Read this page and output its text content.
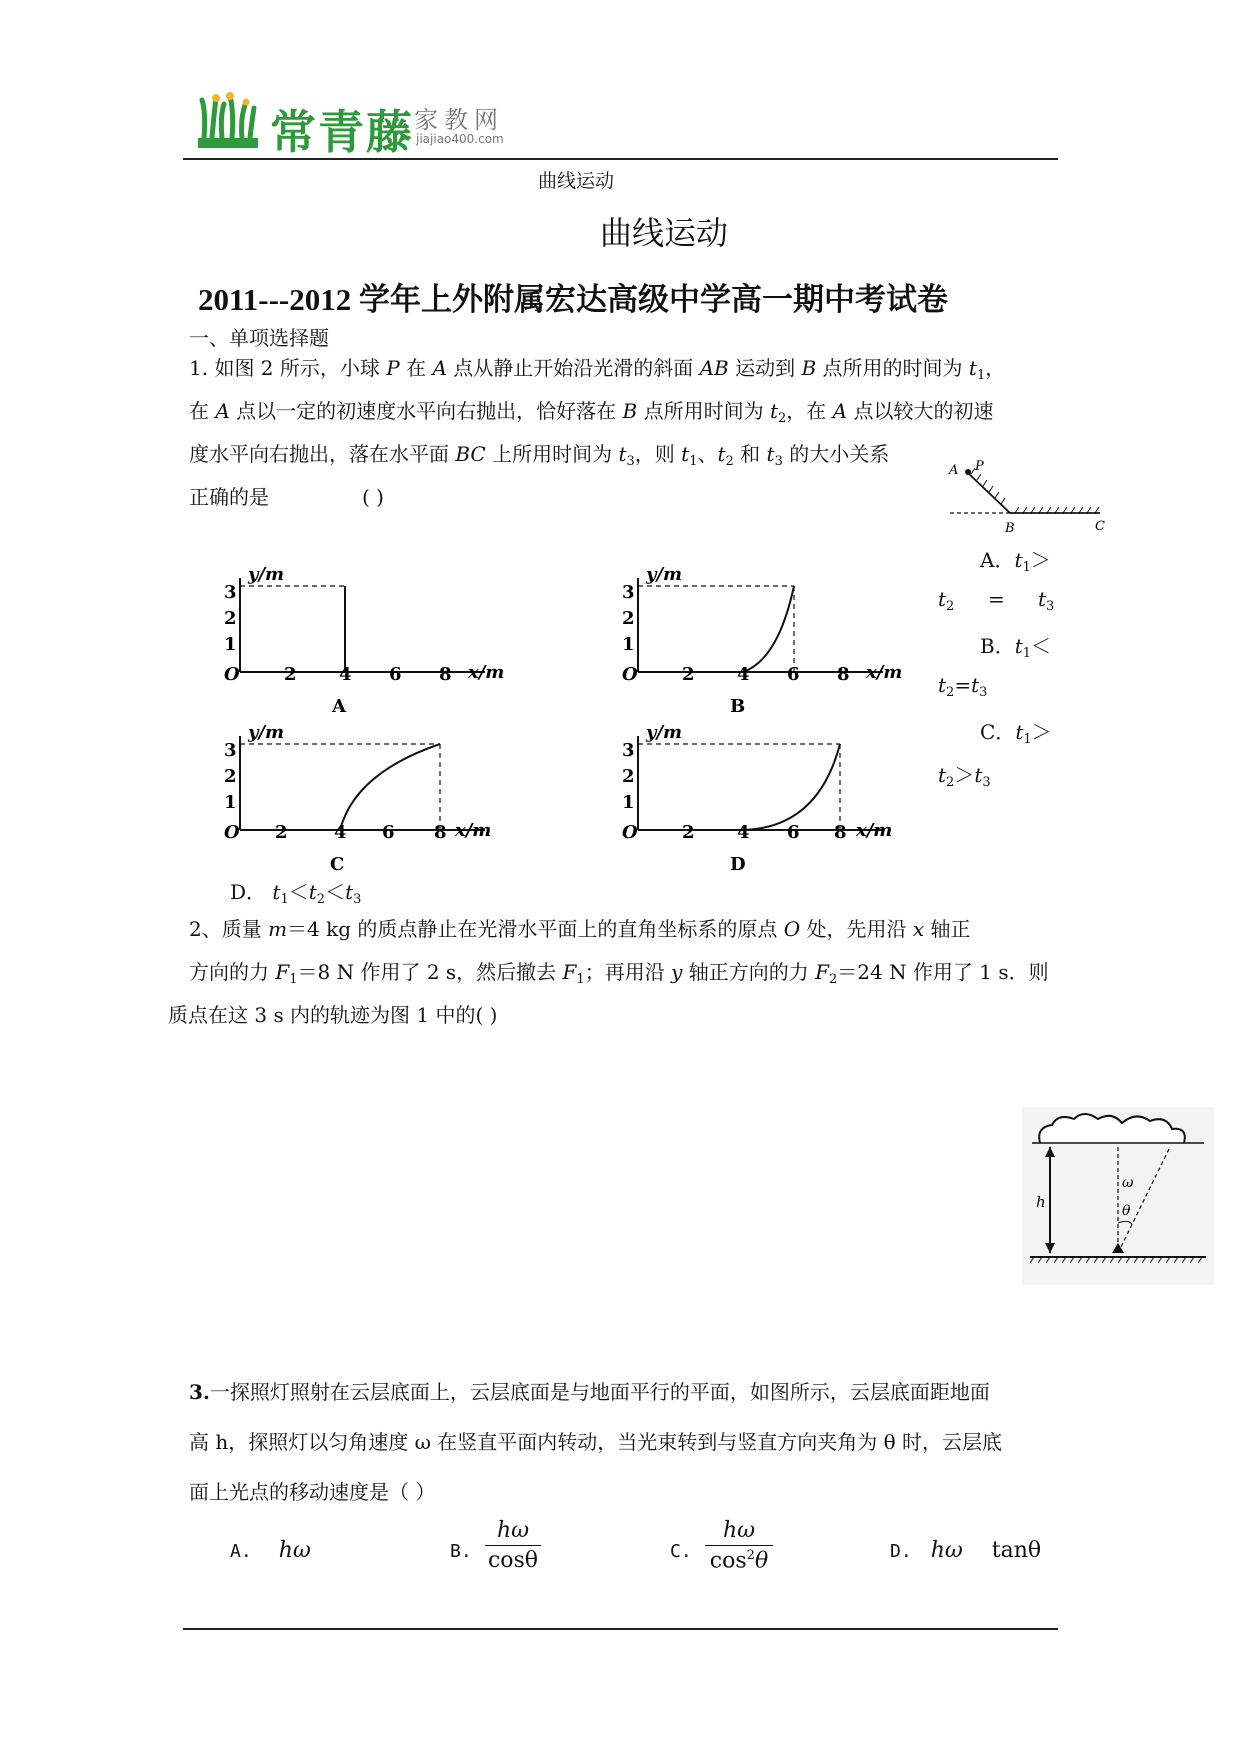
常青藤 家教网
jiajiao400.com
曲线运动
曲线运动
2011---2012 学年上外附属宏达高级中学高一期中考试卷
一、单项选择题
1. 如图 2 所示，小球 P 在 A 点从静止开始沿光滑的斜面 AB 运动到 B 点所用的时间为 $t_1$，
在 A 点以一定的初速度水平向右抛出，恰好落在 B 点所用时间为 $t_2$，在 A 点以较大的初速
度水平向右抛出，落在水平面 BC 上所用时间为 $t_3$，则 $t_1$、$t_2$ 和 $t_3$ 的大小关系
正确的是	( )
A P
B	C
A．$t_1>$
$t_2 = t_3$
B．$t_1<$
$t_2=t_3$
C．$t_1>$
$t_2>t_3$
D． $t_1<t_2<t_3$
y/m
x/m
O
1
2
3
2 4 6 8
A
y/m
x/m
O
1
2
3
2 4 6 8
B
y/m
x/m
O
1
2
3
2	4 6 8
C
y/m
x/m
O
1
2
3
2 4 6 8
D
2、质量 m＝4 kg 的质点静止在光滑水平面上的直角坐标系的原点 O 处，先用沿 x 轴正
方向的力 $F_1=8$ N 作用了 2 s，然后撤去 $F_1$；再用沿 y 轴正方向的力 $F_2=24$ N 作用了 1 s．则
质点在这 3 s 内的轨迹为图 1 中的( )
h
ω
θ
3.一探照灯照射在云层底面上，云层底面是与地面平行的平面，如图所示，云层底面距地面
高 h，探照灯以匀角速度 ω 在竖直平面内转动，当光束转到与竖直方向夹角为 θ 时，云层底
面上光点的移动速度是（ ）
A. hω	B. $\frac{h\omega}{\cos\theta}$	C. $\frac{h\omega}{\cos^2\theta}$	D. hω tanθ
